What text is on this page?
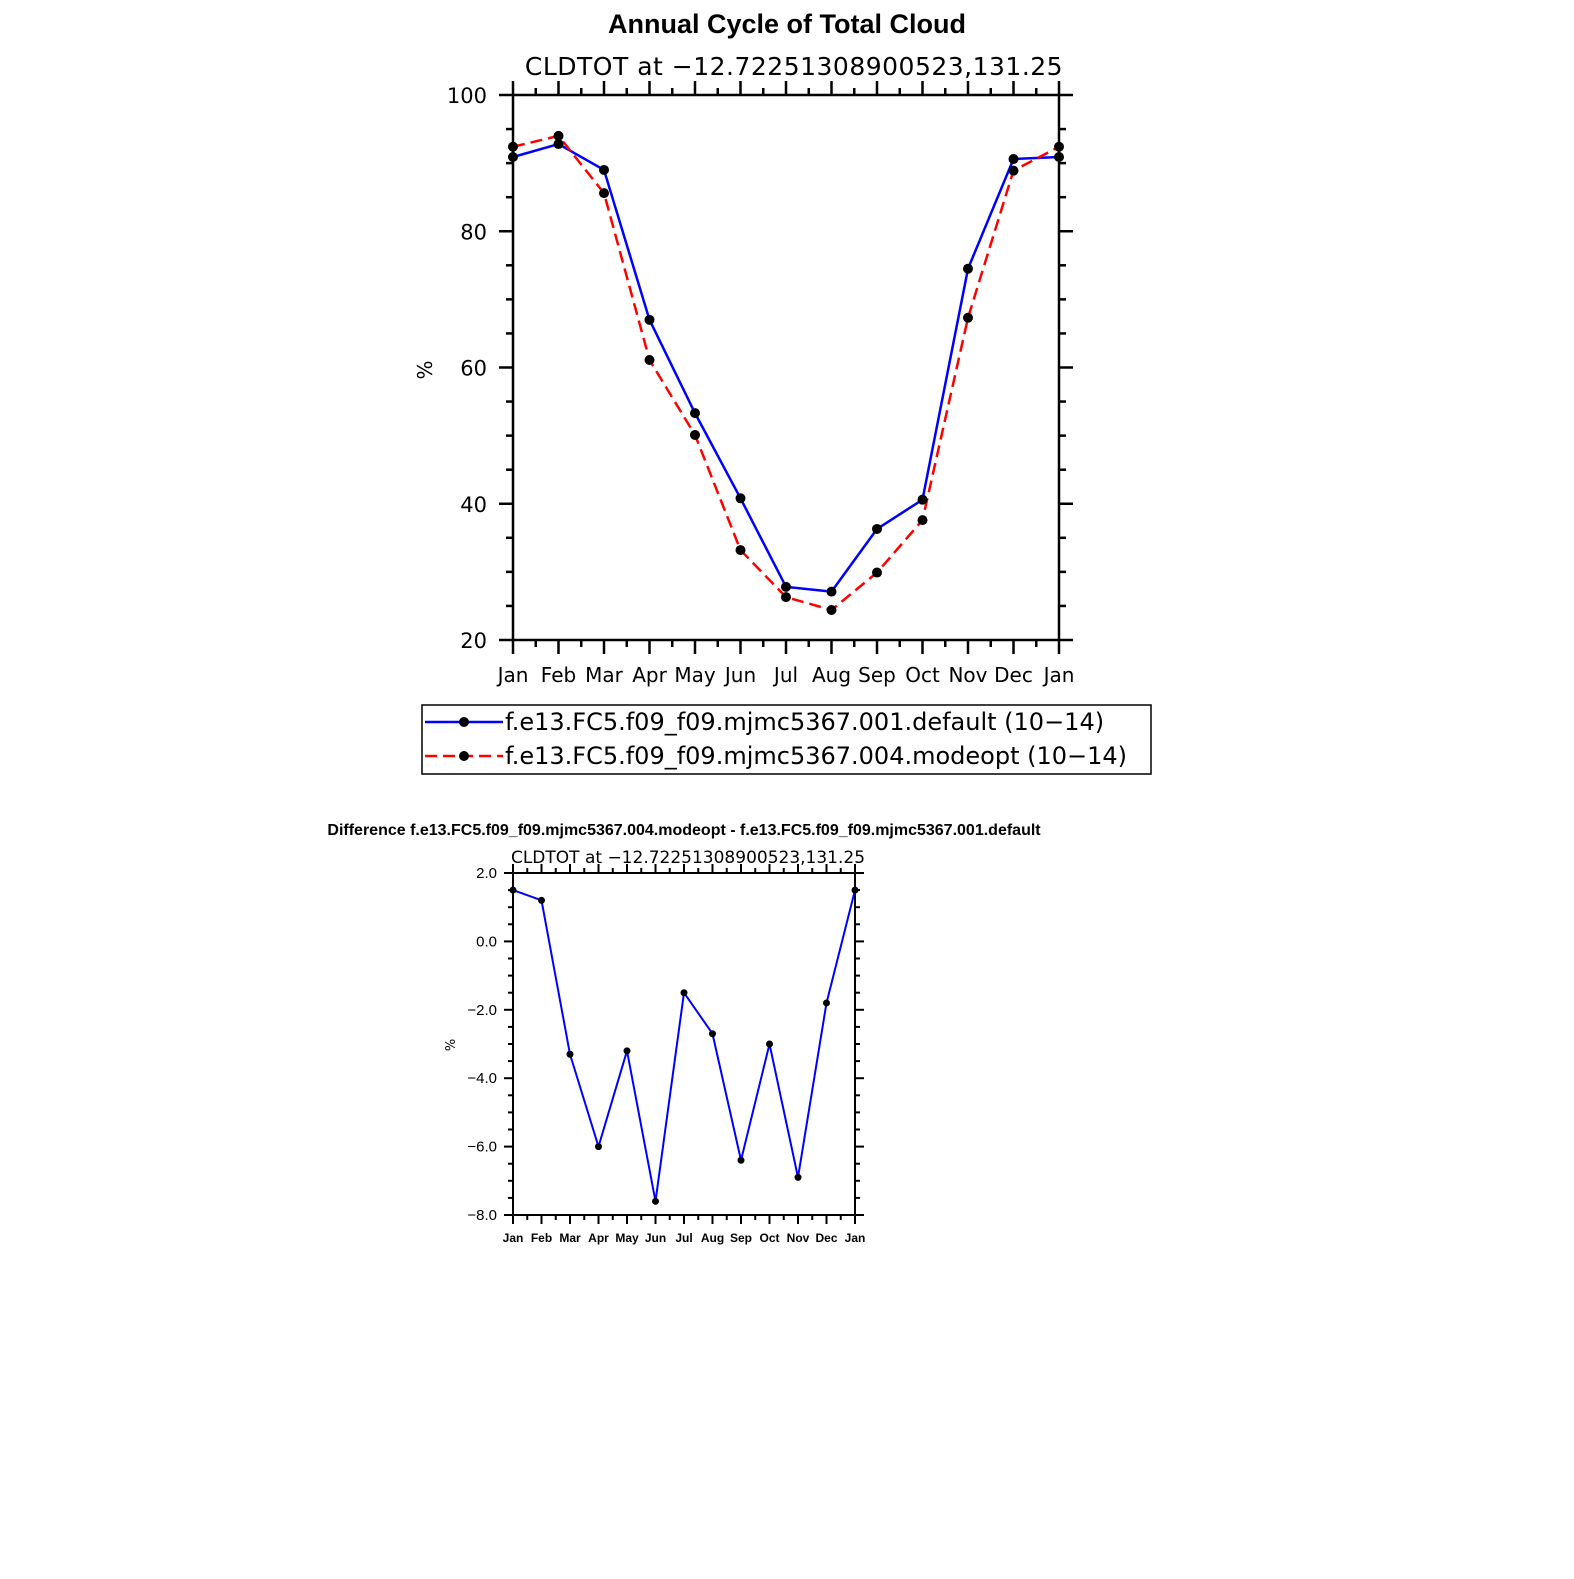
Annual Cycle of Total Cloud
CLDTOT at −12.72251308900523,131.25
%
Jan Feb Mar Apr May Jun Jul Aug Sep Oct Nov Dec Jan
20
40
60
80
100
f.e13.FC5.f09_f09.mjmc5367.001.default (10−14)
f.e13.FC5.f09_f09.mjmc5367.004.modeopt (10−14)
Difference f.e13.FC5.f09_f09.mjmc5367.004.modeopt - f.e13.FC5.f09_f09.mjmc5367.001.default
CLDTOT at −12.72251308900523,131.25
%
Jan Feb Mar Apr May Jun Jul Aug Sep Oct Nov Dec Jan
−8.0
−6.0
−4.0
−2.0
0.0
2.0
